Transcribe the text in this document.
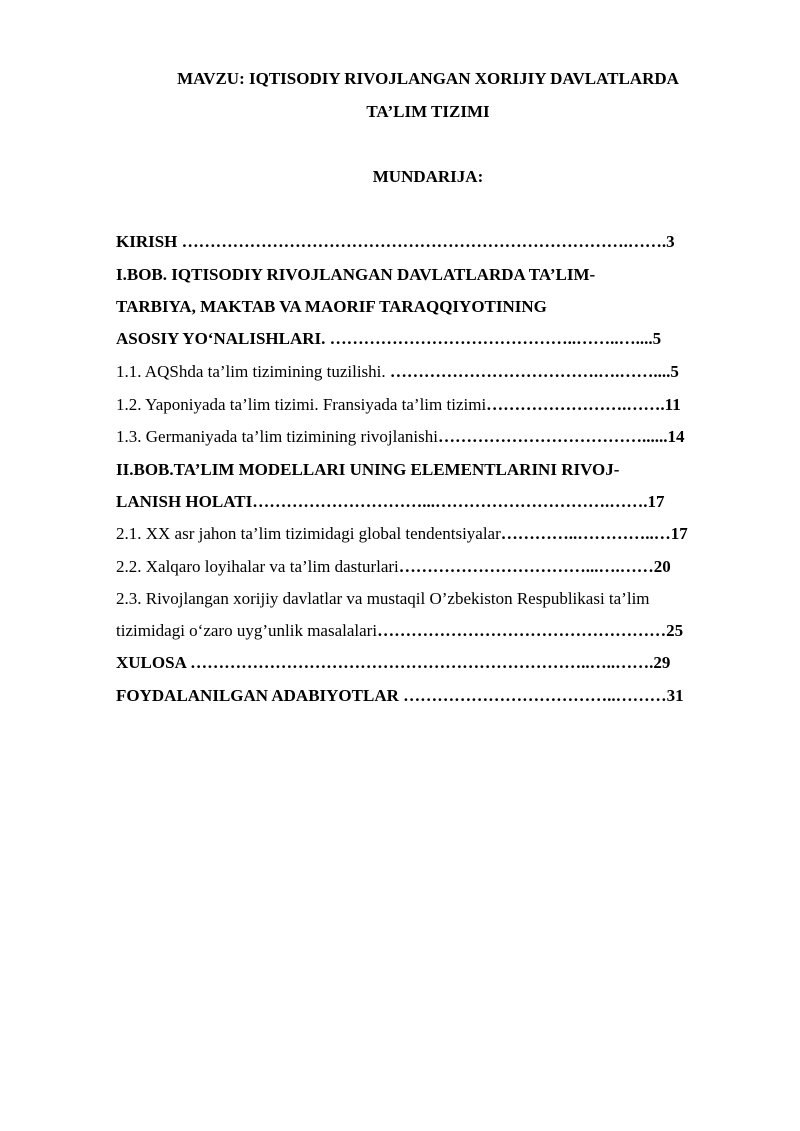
MAVZU: IQTISODIY RIVOJLANGAN XORIJIY DAVLATLARDA
TA’LIM TIZIMI
MUNDARIJA:
KIRISH …………………………………………………………………….…….3
I.BOB. IQTISODIY RIVOJLANGAN DAVLATLARDA TA’LIM-
TARBIYA, MAKTAB VA MAORIF TARAQQIYOTINING
ASOSIY YO‘NALISHLARI. ……………………………………..……..…....5
1.1. AQShda ta’lim tizimining tuzilishi. ……………………………….….……....5
1.2. Yaponiyada ta’lim tizimi. Fransiyada ta’lim tizimi…………………….…….11
1.3. Germaniyada ta’lim tizimining rivojlanishi………………………………......14
II.BOB.TA’LIM MODELLARI UNING ELEMENTLARINI RIVOJ-
LANISH HOLATI…………………………...………………………….…….17
2.1. XX asr jahon ta’lim tizimidagi global tendentsiyalar…………..…………..…17
2.2. Xalqaro loyihalar va ta’lim dasturlari……………………………...….……20
2.3. Rivojlangan xorijiy davlatlar va mustaqil O’zbekiston Respublikasi ta’lim
tizimidagi o‘zaro uyg’unlik masalalari……………………………………………25
XULOSA ……………………………………………………………..…..…….29
FOYDALANILGAN ADABIYOTLAR ………………………………..………31
